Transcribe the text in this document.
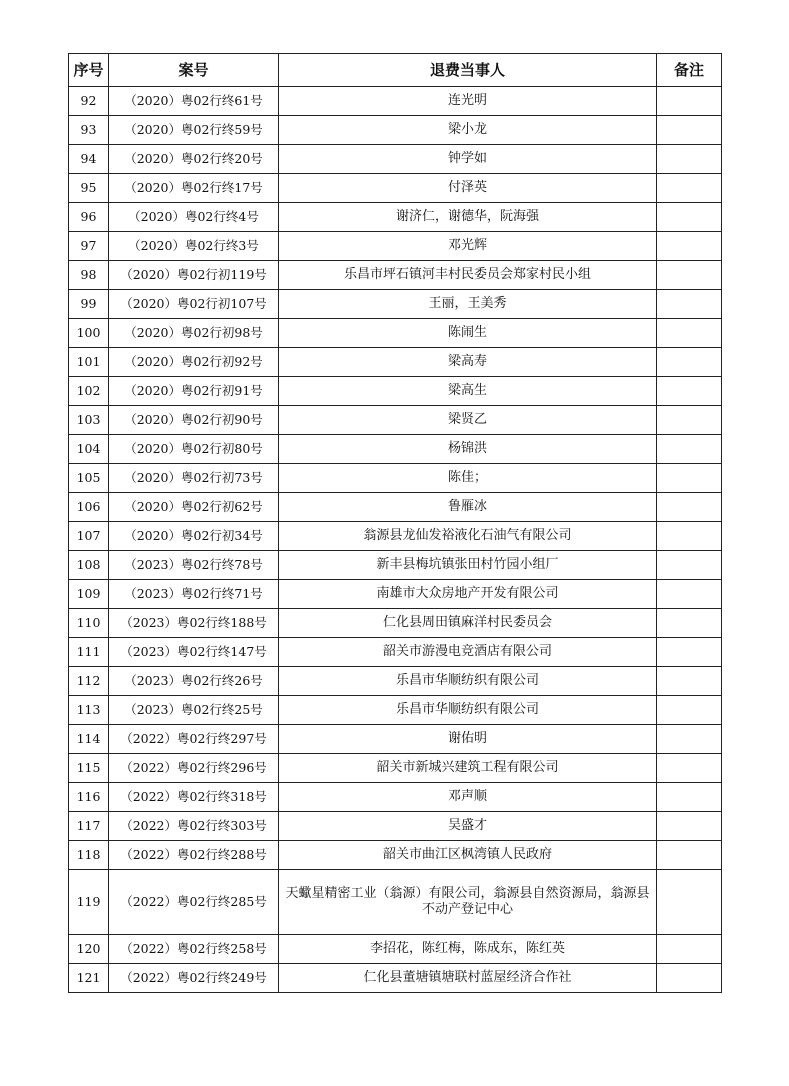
序号	案号	退费当事人	备注
92	（2020）粤02行终61号	连光明	
93	（2020）粤02行终59号	梁小龙	
94	（2020）粤02行终20号	钟学如	
95	（2020）粤02行终17号	付泽英	
96	（2020）粤02行终4号	谢济仁，谢德华，阮海强	
97	（2020）粤02行终3号	邓光辉	
98	（2020）粤02行初119号	乐昌市坪石镇河丰村民委员会郑家村民小组	
99	（2020）粤02行初107号	王丽，王美秀	
100	（2020）粤02行初98号	陈闹生	
101	（2020）粤02行初92号	梁高寿	
102	（2020）粤02行初91号	梁高生	
103	（2020）粤02行初90号	梁贤乙	
104	（2020）粤02行初80号	杨锦洪	
105	（2020）粤02行初73号	陈佳；	
106	（2020）粤02行初62号	鲁雁冰	
107	（2020）粤02行初34号	翁源县龙仙发裕液化石油气有限公司	
108	（2023）粤02行终78号	新丰县梅坑镇张田村竹园小组厂	
109	（2023）粤02行终71号	南雄市大众房地产开发有限公司	
110	（2023）粤02行终188号	仁化县周田镇麻洋村民委员会	
111	（2023）粤02行终147号	韶关市游漫电竞酒店有限公司	
112	（2023）粤02行终26号	乐昌市华顺纺织有限公司	
113	（2023）粤02行终25号	乐昌市华顺纺织有限公司	
114	（2022）粤02行终297号	谢佑明	
115	（2022）粤02行终296号	韶关市新城兴建筑工程有限公司	
116	（2022）粤02行终318号	邓声顺	
117	（2022）粤02行终303号	吴盛才	
118	（2022）粤02行终288号	韶关市曲江区枫湾镇人民政府	
119	（2022）粤02行终285号	天蠍星精密工业（翁源）有限公司，翁源县自然资源局，翁源县不动产登记中心	
120	（2022）粤02行终258号	李招花，陈红梅，陈成东，陈红英	
121	（2022）粤02行终249号	仁化县董塘镇塘联村蓝屋经济合作社	
